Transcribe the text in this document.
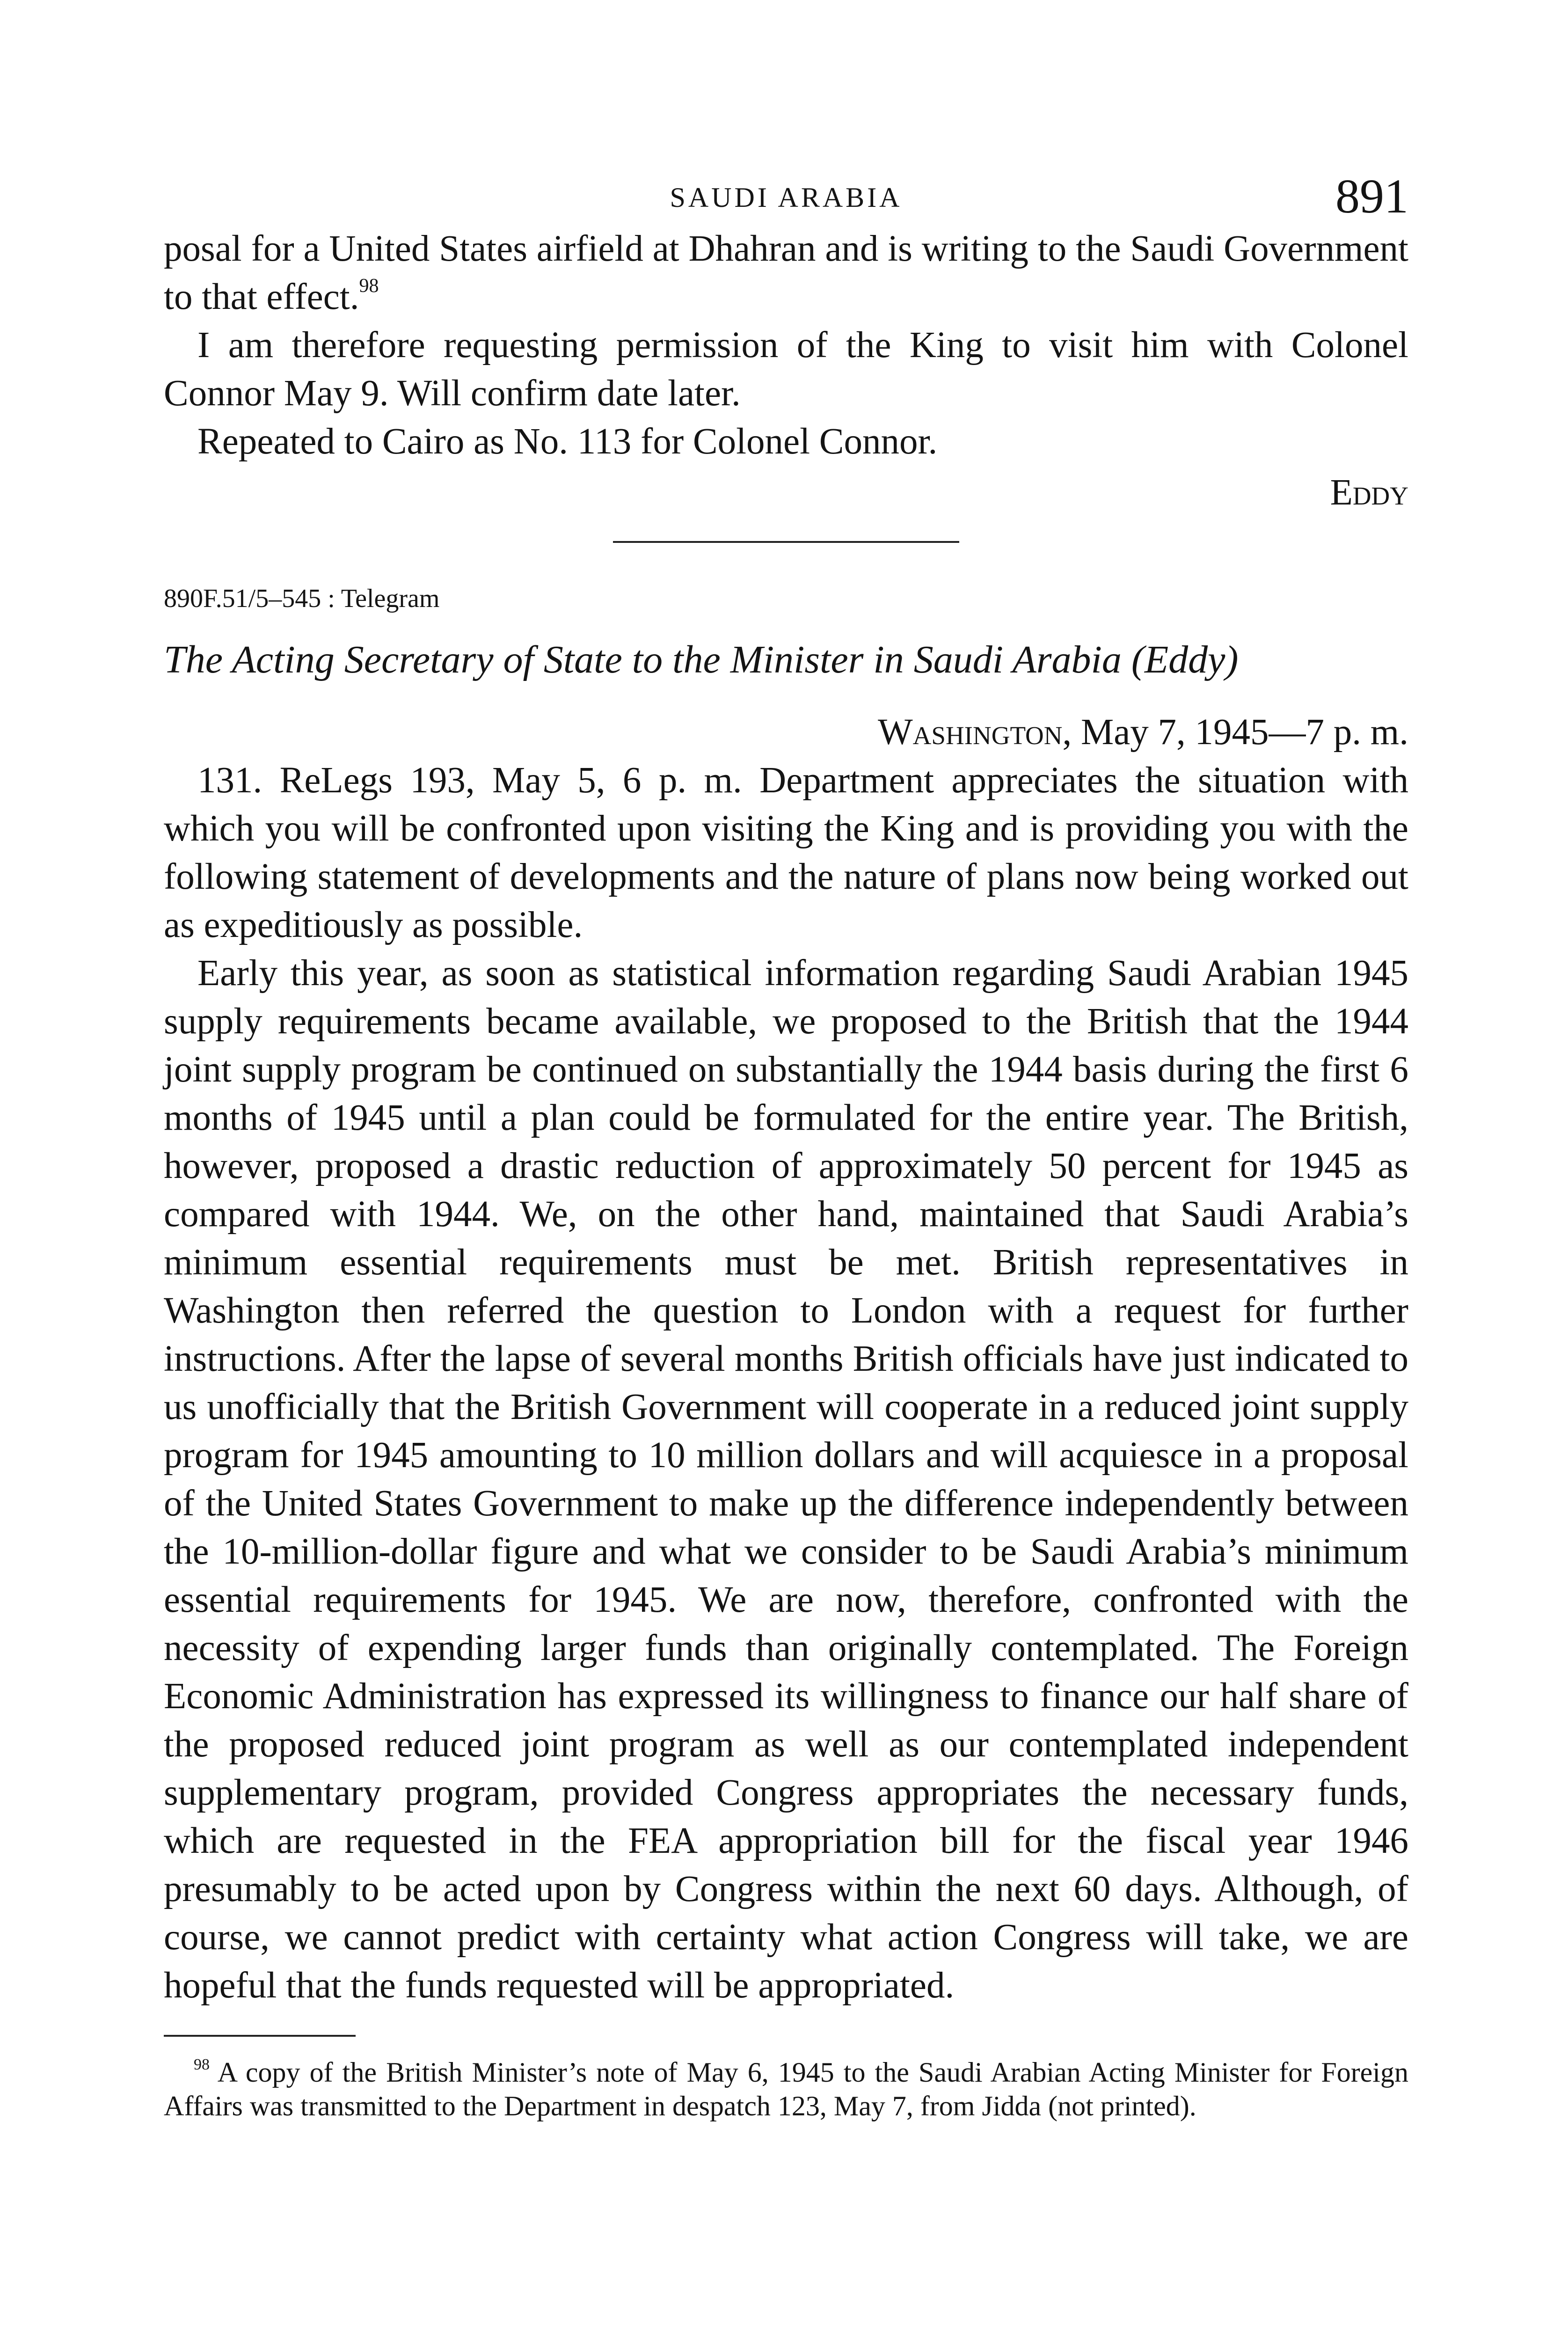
SAUDI ARABIA	891

posal for a United States airfield at Dhahran and is writing to the Saudi Government to that effect.$^{98}$

I am therefore requesting permission of the King to visit him with Colonel Connor May 9. Will confirm date later.

Repeated to Cairo as No. 113 for Colonel Connor.

Eddy
890F.51/5–545 : Telegram
The Acting Secretary of State to the Minister in Saudi Arabia (Eddy)
Washington, May 7, 1945—7 p. m.

131. ReLegs 193, May 5, 6 p. m. Department appreciates the situation with which you will be confronted upon visiting the King and is providing you with the following statement of developments and the nature of plans now being worked out as expeditiously as possible.

Early this year, as soon as statistical information regarding Saudi Arabian 1945 supply requirements became available, we proposed to the British that the 1944 joint supply program be continued on substantially the 1944 basis during the first 6 months of 1945 until a plan could be formulated for the entire year. The British, however, proposed a drastic reduction of approximately 50 percent for 1945 as compared with 1944. We, on the other hand, maintained that Saudi Arabia’s minimum essential requirements must be met. British representatives in Washington then referred the question to London with a request for further instructions. After the lapse of several months British officials have just indicated to us unofficially that the British Government will cooperate in a reduced joint supply program for 1945 amounting to 10 million dollars and will acquiesce in a proposal of the United States Government to make up the difference independently between the 10-million-dollar figure and what we consider to be Saudi Arabia’s minimum essential requirements for 1945. We are now, therefore, confronted with the necessity of expending larger funds than originally contemplated. The Foreign Economic Administration has expressed its willingness to finance our half share of the proposed reduced joint program as well as our contemplated independent supplementary program, provided Congress appropriates the necessary funds, which are requested in the FEA appropriation bill for the fiscal year 1946 presumably to be acted upon by Congress within the next 60 days. Although, of course, we cannot predict with certainty what action Congress will take, we are hopeful that the funds requested will be appropriated.

$^{98}$ A copy of the British Minister’s note of May 6, 1945 to the Saudi Arabian Acting Minister for Foreign Affairs was transmitted to the Department in despatch 123, May 7, from Jidda (not printed).
